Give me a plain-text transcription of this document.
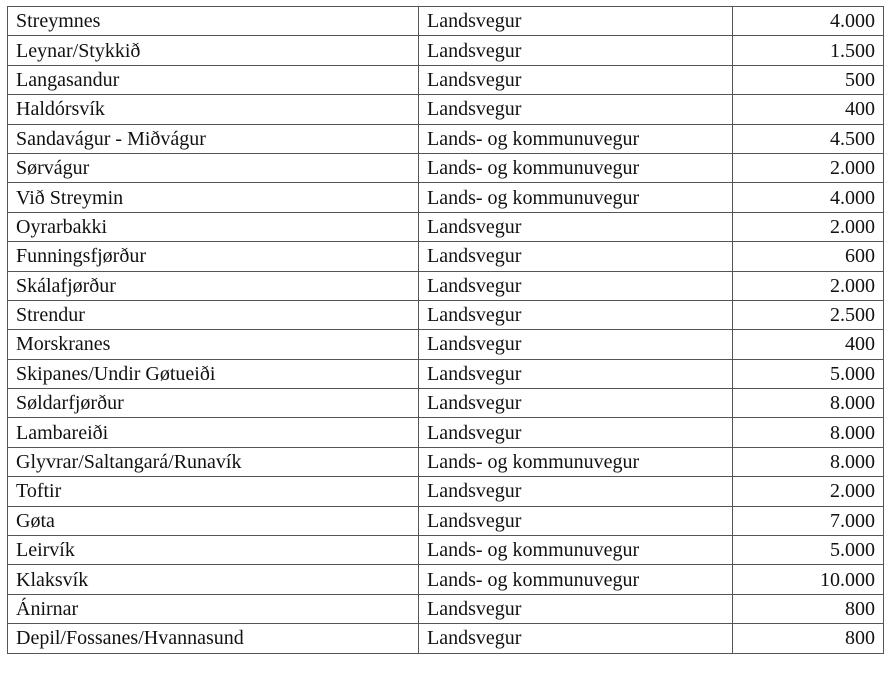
Streymnes	Landsvegur	4.000
Leynar/Stykkið	Landsvegur	1.500
Langasandur	Landsvegur	500
Haldórsvík	Landsvegur	400
Sandavágur - Miðvágur	Lands- og kommunuvegur	4.500
Sørvágur	Lands- og kommunuvegur	2.000
Við Streymin	Lands- og kommunuvegur	4.000
Oyrarbakki	Landsvegur	2.000
Funningsfjørður	Landsvegur	600
Skálafjørður	Landsvegur	2.000
Strendur	Landsvegur	2.500
Morskranes	Landsvegur	400
Skipanes/Undir Gøtueiði	Landsvegur	5.000
Søldarfjørður	Landsvegur	8.000
Lambareiði	Landsvegur	8.000
Glyvrar/Saltangará/Runavík	Lands- og kommunuvegur	8.000
Toftir	Landsvegur	2.000
Gøta	Landsvegur	7.000
Leirvík	Lands- og kommunuvegur	5.000
Klaksvík	Lands- og kommunuvegur	10.000
Ánirnar	Landsvegur	800
Depil/Fossanes/Hvannasund	Landsvegur	800
